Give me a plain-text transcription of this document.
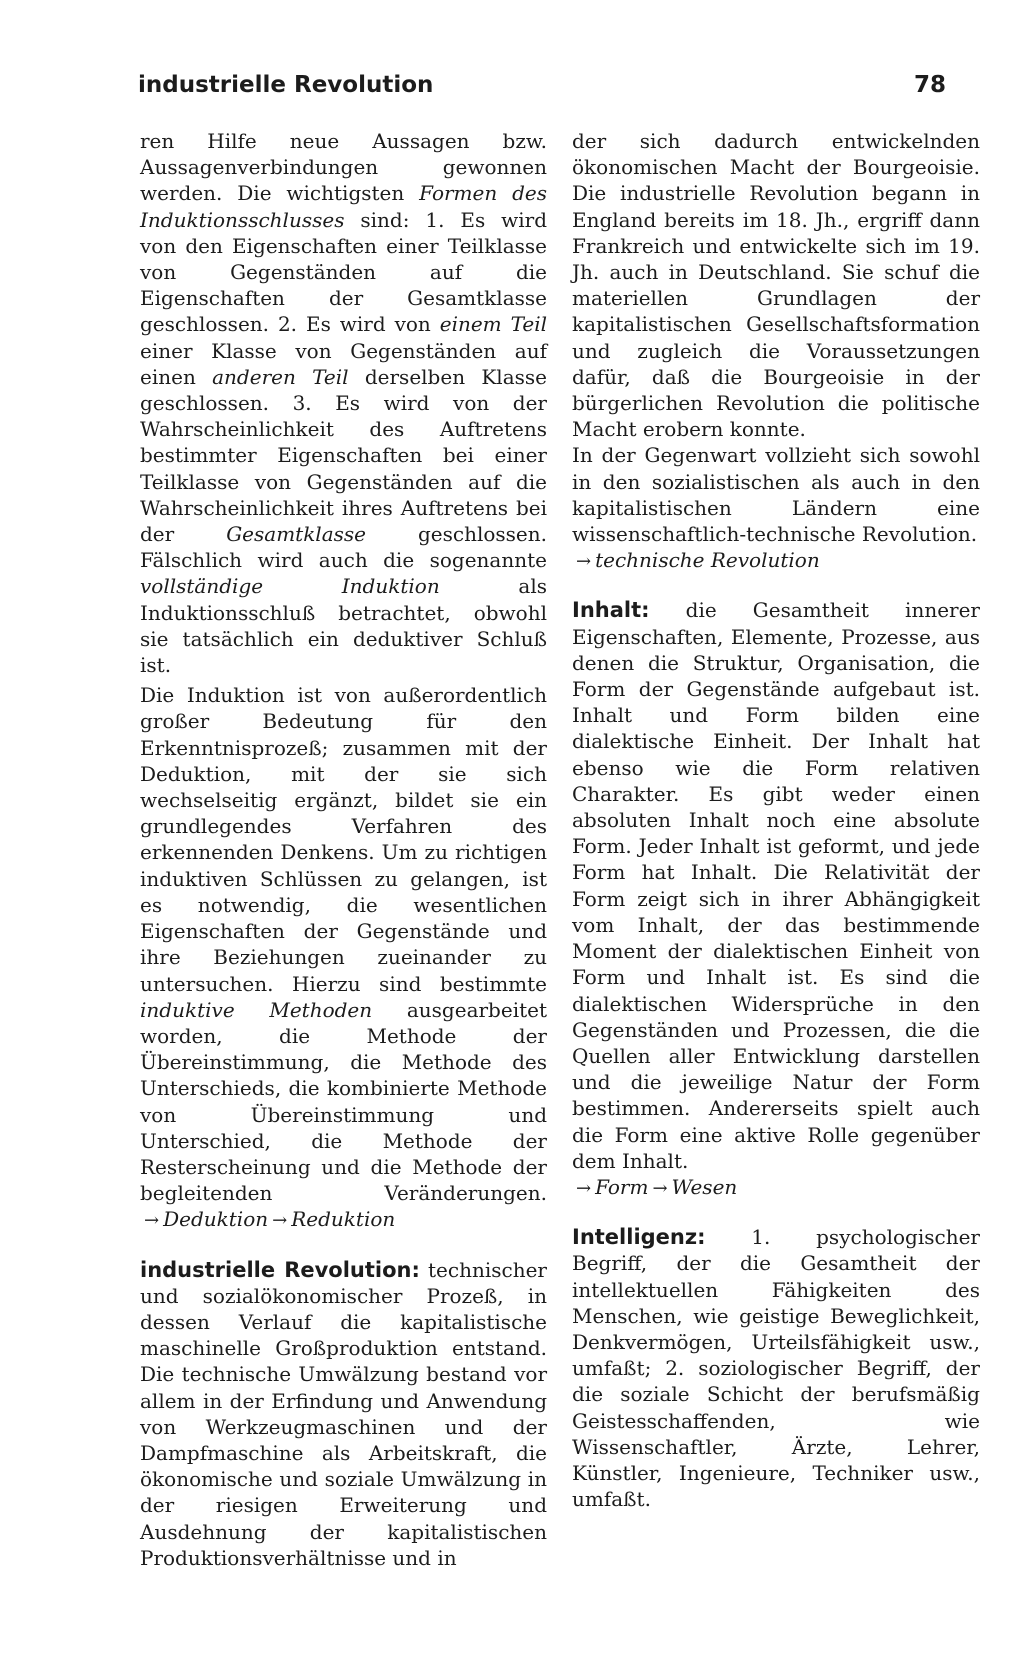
industrielle Revolution	78

ren Hilfe neue Aussagen bzw. Aussagenverbindungen gewonnen werden. Die wichtigsten Formen des Induktionsschlusses sind: 1. Es wird von den Eigenschaften einer Teilklasse von Gegenständen auf die Eigenschaften der Gesamtklasse geschlossen. 2. Es wird von einem Teil einer Klasse von Gegenständen auf einen anderen Teil derselben Klasse geschlossen. 3. Es wird von der Wahrscheinlichkeit des Auftretens bestimmter Eigenschaften bei einer Teilklasse von Gegenständen auf die Wahrscheinlichkeit ihres Auftretens bei der Gesamtklasse geschlossen. Fälschlich wird auch die sogenannte vollständige Induktion als Induktionsschluß betrachtet, obwohl sie tatsächlich ein deduktiver Schluß ist.

Die Induktion ist von außerordentlich großer Bedeutung für den Erkenntnisprozeß; zusammen mit der Deduktion, mit der sie sich wechselseitig ergänzt, bildet sie ein grundlegendes Verfahren des erkennenden Denkens. Um zu richtigen induktiven Schlüssen zu gelangen, ist es notwendig, die wesentlichen Eigenschaften der Gegenstände und ihre Beziehungen zueinander zu untersuchen. Hierzu sind bestimmte induktive Methoden ausgearbeitet worden, die Methode der Übereinstimmung, die Methode des Unterschieds, die kombinierte Methode von Übereinstimmung und Unterschied, die Methode der Resterscheinung und die Methode der begleitenden Veränderungen. → Deduktion → Reduktion

industrielle Revolution: technischer und sozialökonomischer Prozeß, in dessen Verlauf die kapitalistische maschinelle Großproduktion entstand. Die technische Umwälzung bestand vor allem in der Erfindung und Anwendung von Werkzeugmaschinen und der Dampfmaschine als Arbeitskraft, die ökonomische und soziale Umwälzung in der riesigen Erweiterung und Ausdehnung der kapitalistischen Produktionsverhältnisse und in

der sich dadurch entwickelnden ökonomischen Macht der Bourgeoisie. Die industrielle Revolution begann in England bereits im 18. Jh., ergriff dann Frankreich und entwickelte sich im 19. Jh. auch in Deutschland. Sie schuf die materiellen Grundlagen der kapitalistischen Gesellschaftsformation und zugleich die Voraussetzungen dafür, daß die Bourgeoisie in der bürgerlichen Revolution die politische Macht erobern konnte.

In der Gegenwart vollzieht sich sowohl in den sozialistischen als auch in den kapitalistischen Ländern eine wissenschaftlich-technische Revolution.

→ technische Revolution

Inhalt: die Gesamtheit innerer Eigenschaften, Elemente, Prozesse, aus denen die Struktur, Organisation, die Form der Gegenstände aufgebaut ist. Inhalt und Form bilden eine dialektische Einheit. Der Inhalt hat ebenso wie die Form relativen Charakter. Es gibt weder einen absoluten Inhalt noch eine absolute Form. Jeder Inhalt ist geformt, und jede Form hat Inhalt. Die Relativität der Form zeigt sich in ihrer Abhängigkeit vom Inhalt, der das bestimmende Moment der dialektischen Einheit von Form und Inhalt ist. Es sind die dialektischen Widersprüche in den Gegenständen und Prozessen, die die Quellen aller Entwicklung darstellen und die jeweilige Natur der Form bestimmen. Andererseits spielt auch die Form eine aktive Rolle gegenüber dem Inhalt.

→ Form → Wesen

Intelligenz: 1. psychologischer Begriff, der die Gesamtheit der intellektuellen Fähigkeiten des Menschen, wie geistige Beweglichkeit, Denkvermögen, Urteilsfähigkeit usw., umfaßt; 2. soziologischer Begriff, der die soziale Schicht der berufsmäßig Geistesschaffenden, wie Wissenschaftler, Ärzte, Lehrer, Künstler, Ingenieure, Techniker usw., umfaßt.
